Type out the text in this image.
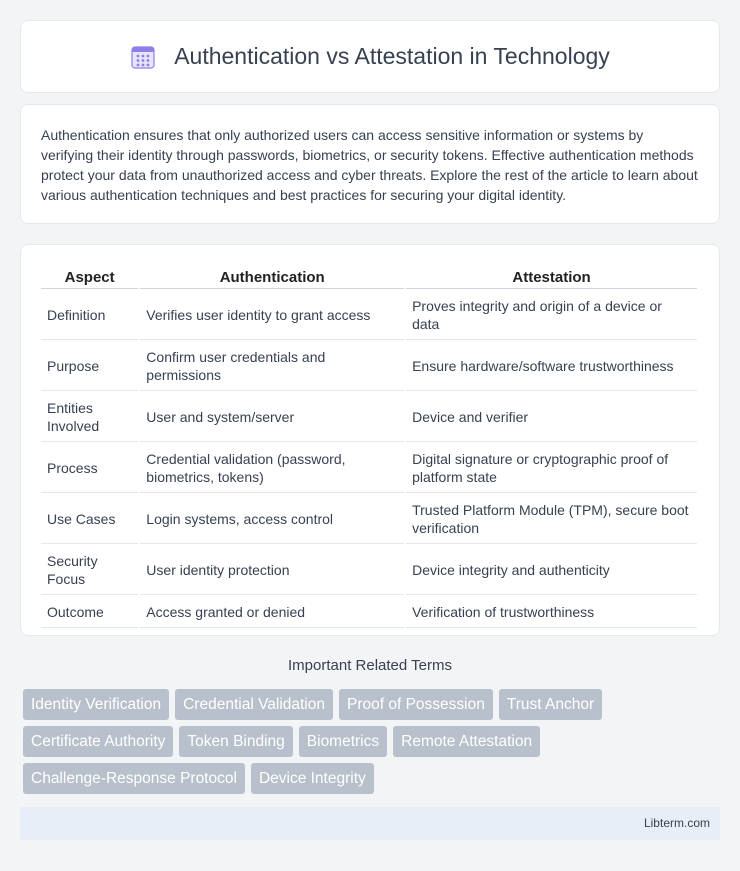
Authentication vs Attestation in Technology

Authentication ensures that only authorized users can access sensitive information or systems by verifying their identity through passwords, biometrics, or security tokens. Effective authentication methods protect your data from unauthorized access and cyber threats. Explore the rest of the article to learn about various authentication techniques and best practices for securing your digital identity.

Aspect	Authentication	Attestation
Definition	Verifies user identity to grant access	Proves integrity and origin of a device or data
Purpose	Confirm user credentials and permissions	Ensure hardware/software trustworthiness
Entities Involved	User and system/server	Device and verifier
Process	Credential validation (password, biometrics, tokens)	Digital signature or cryptographic proof of platform state
Use Cases	Login systems, access control	Trusted Platform Module (TPM), secure boot verification
Security Focus	User identity protection	Device integrity and authenticity
Outcome	Access granted or denied	Verification of trustworthiness
Important Related Terms
Identity Verification	Credential Validation	Proof of Possession	Trust Anchor
Certificate Authority	Token Binding	Biometrics	Remote Attestation
Challenge-Response Protocol	Device Integrity
Libterm.com
